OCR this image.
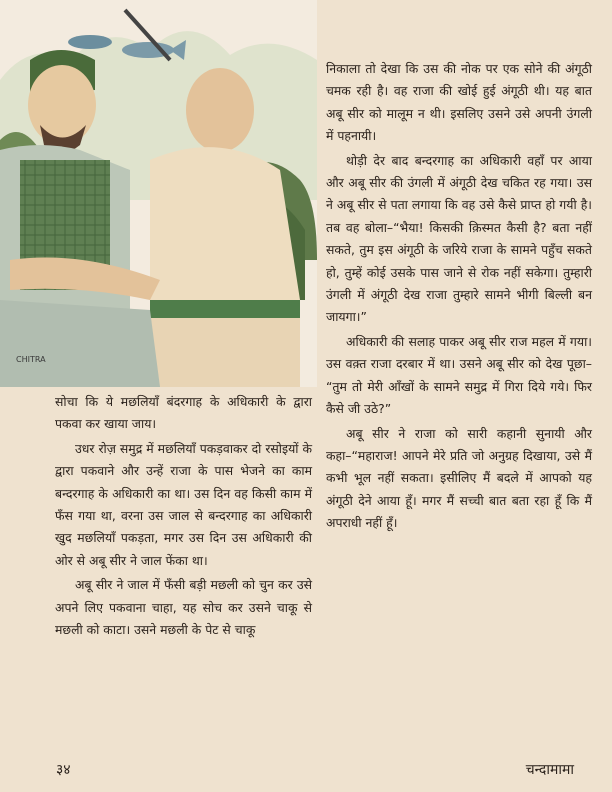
CHITRA

निकाला तो देखा कि उस की नोक पर एक सोने की अंगूठी चमक रही है। वह राजा की खोई हुई अंगूठी थी। यह बात अबू सीर को मालूम न थी। इसलिए उसने उसे अपनी उंगली में पहनायी।

थोड़ी देर बाद बन्दरगाह का अधिकारी वहाँ पर आया और अबू सीर की उंगली में अंगूठी देख चकित रह गया। उस ने अबू सीर से पता लगाया कि वह उसे कैसे प्राप्त हो गयी है। तब वह बोला–“भैया! किसकी क़िस्मत कैसी है? बता नहीं सकते, तुम इस अंगूठी के जरिये राजा के सामने पहुँच सकते हो, तुम्हें कोई उसके पास जाने से रोक नहीं सकेगा। तुम्हारी उंगली में अंगूठी देख राजा तुम्हारे सामने भीगी बिल्ली बन जायगा।”

अधिकारी की सलाह पाकर अबू सीर राज महल में गया। उस वक़्त राजा दरबार में था। उसने अबू सीर को देख पूछा– “तुम तो मेरी आँखों के सामने समुद्र में गिरा दिये गये। फिर कैसे जी उठे?”

अबू सीर ने राजा को सारी कहानी सुनायी और कहा–“महाराज! आपने मेरे प्रति जो अनुग्रह दिखाया, उसे मैं कभी भूल नहीं सकता। इसीलिए मैं बदले में आपको यह अंगूठी देने आया हूँ। मगर मैं सच्ची बात बता रहा हूँ कि मैं अपराधी नहीं हूँ।

सोचा कि ये मछलियाँ बंदरगाह के अधिकारी के द्वारा पकवा कर खाया जाय।

उधर रोज़ समुद्र में मछलियाँ पकड़वाकर दो रसोइयों के द्वारा पकवाने और उन्हें राजा के पास भेजने का काम बन्दरगाह के अधिकारी का था। उस दिन वह किसी काम में फँस गया था, वरना उस जाल से बन्दरगाह का अधिकारी खुद मछलियाँ पकड़ता, मगर उस दिन उस अधिकारी की ओर से अबू सीर ने जाल फेंका था।

अबू सीर ने जाल में फँसी बड़ी मछली को चुन कर उसे अपने लिए पकवाना चाहा, यह सोच कर उसने चाकू से मछली को काटा। उसने मछली के पेट से चाकू

३४	चन्दामामा
